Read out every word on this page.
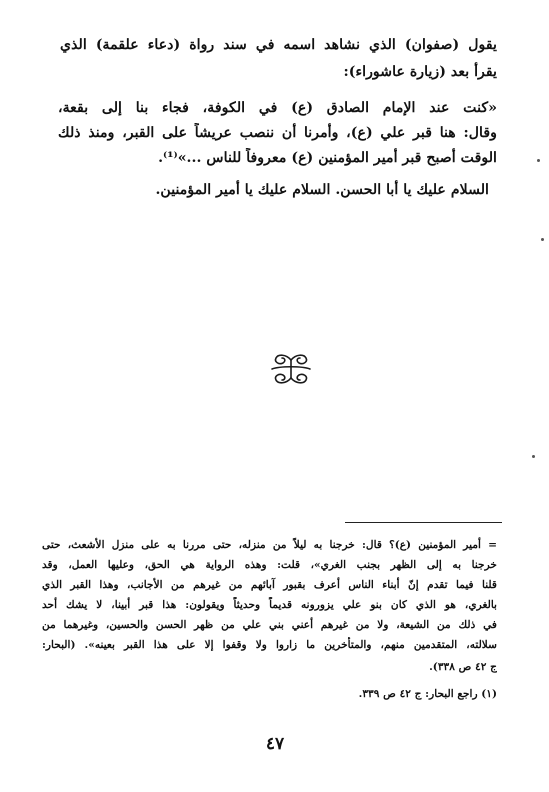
يقول (صفوان) الذي نشاهد اسمه في سند رواة (دعاء علقمة) الذي
يقرأ بعد (زيارة عاشوراء):
«كنت عند الإمام الصادق (ع) في الكوفة، فجاء بنا إلى بقعة،
وقال: هنا قبر علي (ع)، وأمرنا أن ننصب عريشاً على القبر، ومنذ ذلك
الوقت أصبح قبر أمير المؤمنين (ع) معروفاً للناس ...»⁽¹⁾.
السلام عليك يا أبا الحسن. السلام عليك يا أمير المؤمنين.
= أمير المؤمنين (ع)؟ قال: خرجنا به ليلاً من منزله، حتى مررنا به على منزل الأشعث، حتى
خرجنا به إلى الظهر بجنب الغري»، قلت: وهذه الرواية هي الحق، وعليها العمل، وقد
قلنا فيما تقدم إنّ أبناء الناس أعرف بقبور آبائهم من غيرهم من الأجانب، وهذا القبر الذي
بالغري، هو الذي كان بنو علي يزورونه قديماً وحديثاً ويقولون: هذا قبر أبينا، لا يشك أحد
في ذلك من الشيعة، ولا من غيرهم أعني بني علي من ظهر الحسن والحسين، وغيرهما من
سلالته، المتقدمين منهم، والمتأخرين ما زاروا ولا وقفوا إلا على هذا القبر بعينه». (البحار:
ج ٤٢ ص ٣٣٨).
(١) راجع البحار: ج ٤٢ ص ٣٣٩.
٤٧
